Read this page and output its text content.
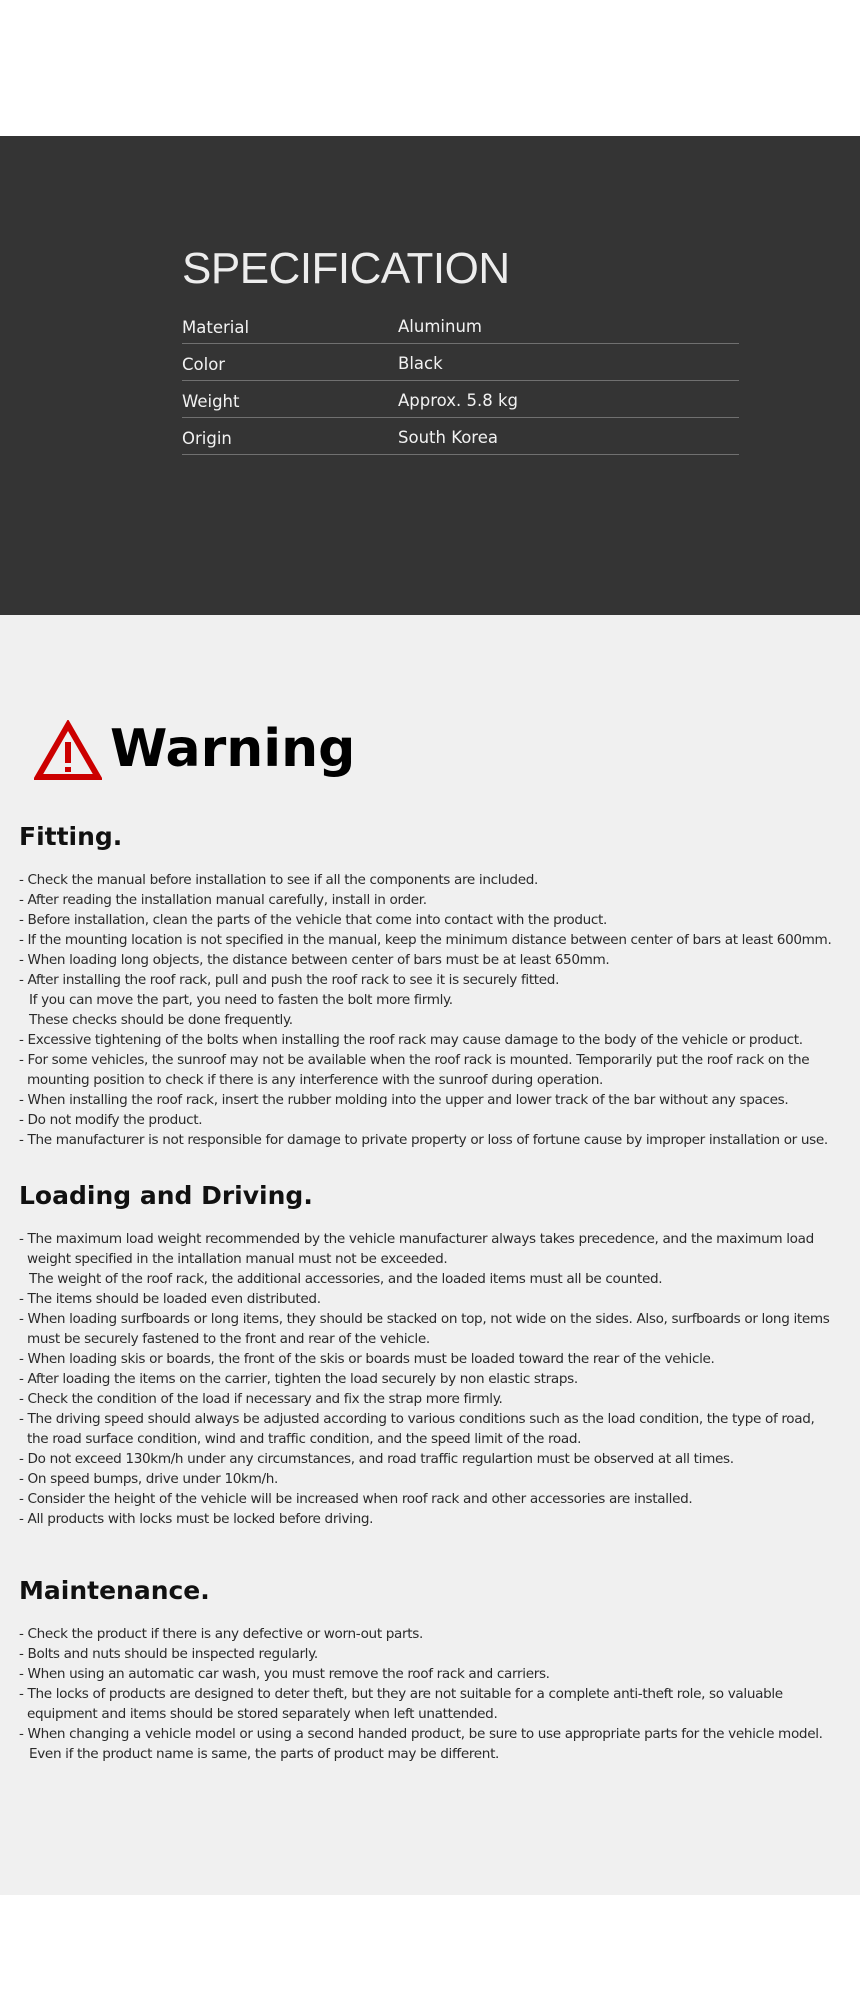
SPECIFICATION
Material	Aluminum
Color	Black
Weight	Approx. 5.8 kg
Origin	South Korea
Warning
Fitting.
- Check the manual before installation to see if all the components are included.
- After reading the installation manual carefully, install in order.
- Before installation, clean the parts of the vehicle that come into contact with the product.
- If the mounting location is not specified in the manual, keep the minimum distance between center of bars at least 600mm.
- When loading long objects, the distance between center of bars must be at least 650mm.
- After installing the roof rack, pull and push the roof rack to see it is securely fitted.
If you can move the part, you need to fasten the bolt more firmly.
These checks should be done frequently.
- Excessive tightening of the bolts when installing the roof rack may cause damage to the body of the vehicle or product.
- For some vehicles, the sunroof may not be available when the roof rack is mounted. Temporarily put the roof rack on the
mounting position to check if there is any interference with the sunroof during operation.
- When installing the roof rack, insert the rubber molding into the upper and lower track of the bar without any spaces.
- Do not modify the product.
- The manufacturer is not responsible for damage to private property or loss of fortune cause by improper installation or use.
Loading and Driving.
- The maximum load weight recommended by the vehicle manufacturer always takes precedence, and the maximum load
weight specified in the intallation manual must not be exceeded.
The weight of the roof rack, the additional accessories, and the loaded items must all be counted.
- The items should be loaded even distributed.
- When loading surfboards or long items, they should be stacked on top, not wide on the sides. Also, surfboards or long items
must be securely fastened to the front and rear of the vehicle.
- When loading skis or boards, the front of the skis or boards must be loaded toward the rear of the vehicle.
- After loading the items on the carrier, tighten the load securely by non elastic straps.
- Check the condition of the load if necessary and fix the strap more firmly.
- The driving speed should always be adjusted according to various conditions such as the load condition, the type of road,
the road surface condition, wind and traffic condition, and the speed limit of the road.
- Do not exceed 130km/h under any circumstances, and road traffic regulartion must be observed at all times.
- On speed bumps, drive under 10km/h.
- Consider the height of the vehicle will be increased when roof rack and other accessories are installed.
- All products with locks must be locked before driving.
Maintenance.
- Check the product if there is any defective or worn-out parts.
- Bolts and nuts should be inspected regularly.
- When using an automatic car wash, you must remove the roof rack and carriers.
- The locks of products are designed to deter theft, but they are not suitable for a complete anti-theft role, so valuable
equipment and items should be stored separately when left unattended.
- When changing a vehicle model or using a second handed product, be sure to use appropriate parts for the vehicle model.
Even if the product name is same, the parts of product may be different.
